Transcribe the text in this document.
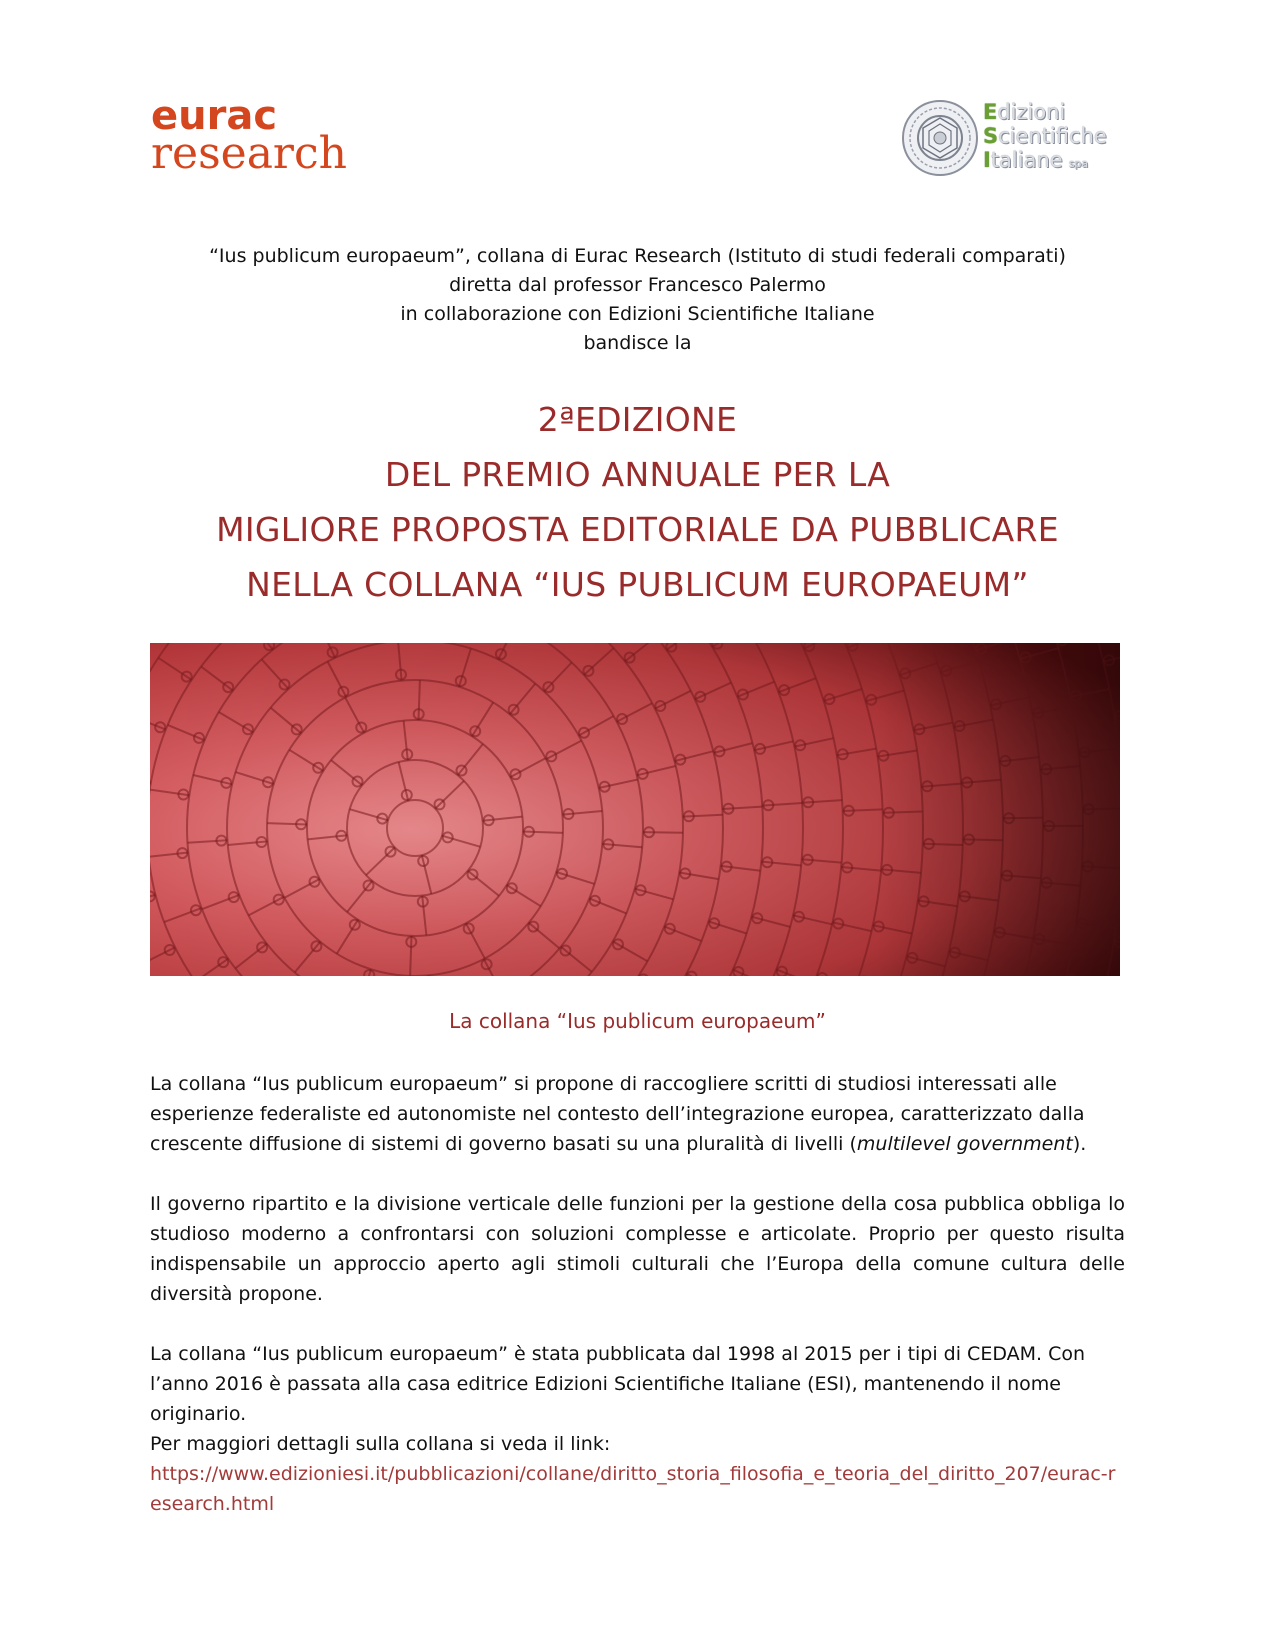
eurac
research
Edizioni
Scientifiche
Italiane spa
“Ius publicum europaeum”, collana di Eurac Research (Istituto di studi federali comparati)
diretta dal professor Francesco Palermo
in collaborazione con Edizioni Scientifiche Italiane
bandisce la
2ªEDIZIONE
DEL PREMIO ANNUALE PER LA
MIGLIORE PROPOSTA EDITORIALE DA PUBBLICARE
NELLA COLLANA “IUS PUBLICUM EUROPAEUM”
La collana “Ius publicum europaeum”
La collana “Ius publicum europaeum” si propone di raccogliere scritti di studiosi interessati alle esperienze federaliste ed autonomiste nel contesto dell’integrazione europea, caratterizzato dalla crescente diffusione di sistemi di governo basati su una pluralità di livelli (multilevel government).
Il governo ripartito e la divisione verticale delle funzioni per la gestione della cosa pubblica obbliga lo studioso moderno a confrontarsi con soluzioni complesse e articolate. Proprio per questo risulta indispensabile un approccio aperto agli stimoli culturali che l’Europa della comune cultura delle diversità propone.
La collana “Ius publicum europaeum” è stata pubblicata dal 1998 al 2015 per i tipi di CEDAM. Con l’anno 2016 è passata alla casa editrice Edizioni Scientifiche Italiane (ESI), mantenendo il nome originario.
Per maggiori dettagli sulla collana si veda il link:
https://www.edizioniesi.it/pubblicazioni/collane/diritto_storia_filosofia_e_teoria_del_diritto_207/eurac-research.html
